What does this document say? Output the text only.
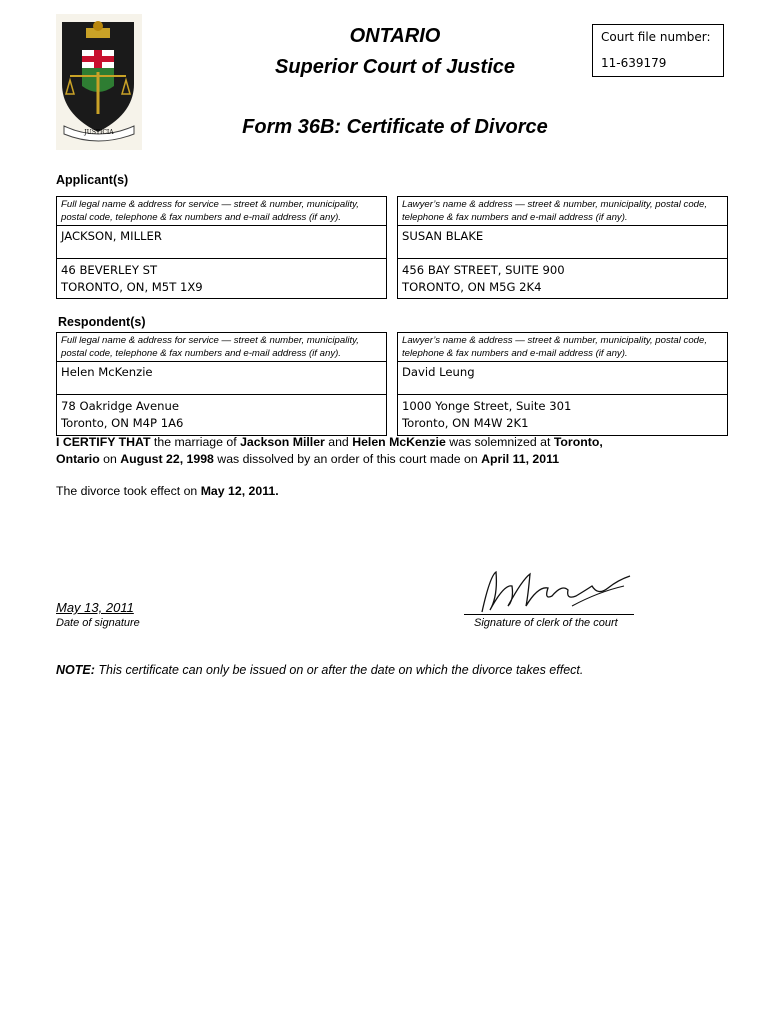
JUSTICIA
ONTARIO
Superior Court of Justice
Form 36B: Certificate of Divorce
Court file number:
11-639179
Applicant(s)
Full legal name & address for service — street & number, municipality, postal code, telephone & fax numbers and e-mail address (if any).
JACKSON, MILLER
46 BEVERLEY ST
TORONTO, ON, M5T 1X9
Lawyer’s name & address — street & number, municipality, postal code, telephone & fax numbers and e-mail address (if any).
SUSAN BLAKE
456 BAY STREET, SUITE 900
TORONTO, ON M5G 2K4
Respondent(s)
Full legal name & address for service — street & number, municipality, postal code, telephone & fax numbers and e-mail address (if any).
Helen McKenzie
78 Oakridge Avenue
Toronto, ON M4P 1A6
Lawyer’s name & address — street & number, municipality, postal code, telephone & fax numbers and e-mail address (if any).
David Leung
1000 Yonge Street, Suite 301
Toronto, ON M4W 2K1
I CERTIFY THAT the marriage of Jackson Miller and Helen McKenzie was solemnized at Toronto,
Ontario on August 22, 1998 was dissolved by an order of this court made on April 11, 2011
The divorce took effect on May 12, 2011.
May 13, 2011
Date of signature	Signature of clerk of the court
NOTE: This certificate can only be issued on or after the date on which the divorce takes effect.
